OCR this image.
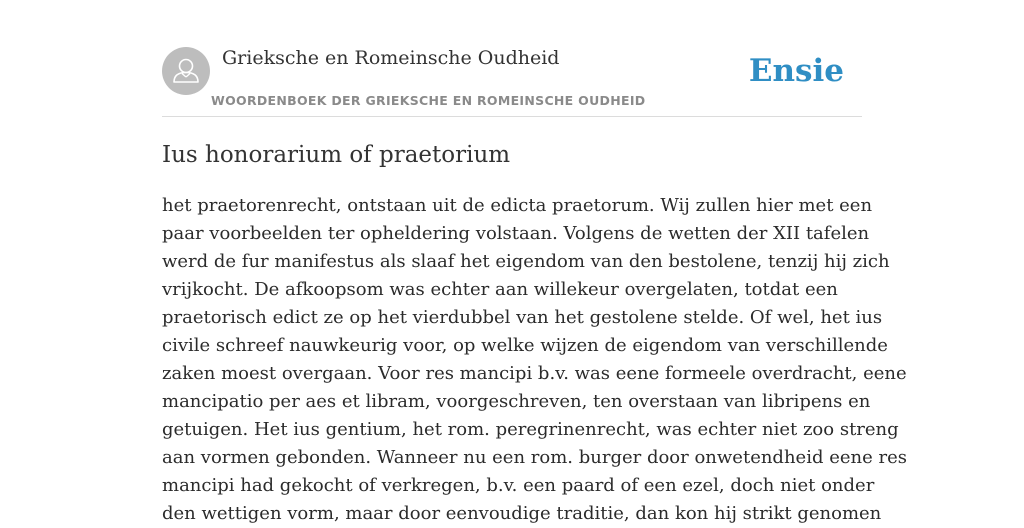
Grieksche en Romeinsche Oudheid
WOORDENBOEK DER GRIEKSCHE EN ROMEINSCHE OUDHEID
Ensie
Ius honorarium of praetorium
het praetorenrecht, ontstaan uit de edicta praetorum. Wij zullen hier met een
paar voorbeelden ter opheldering volstaan. Volgens de wetten der XII tafelen
werd de fur manifestus als slaaf het eigendom van den bestolene, tenzij hij zich
vrijkocht. De afkoopsom was echter aan willekeur overgelaten, totdat een
praetorisch edict ze op het vierdubbel van het gestolene stelde. Of wel, het ius
civile schreef nauwkeurig voor, op welke wijzen de eigendom van verschillende
zaken moest overgaan. Voor res mancipi b.v. was eene formeele overdracht, eene
mancipatio per aes et libram, voorgeschreven, ten overstaan van libripens en
getuigen. Het ius gentium, het rom. peregrinenrecht, was echter niet zoo streng
aan vormen gebonden. Wanneer nu een rom. burger door onwetendheid eene res
mancipi had gekocht of verkregen, b.v. een paard of een ezel, doch niet onder
den wettigen vorm, maar door eenvoudige traditie, dan kon hij strikt genomen
